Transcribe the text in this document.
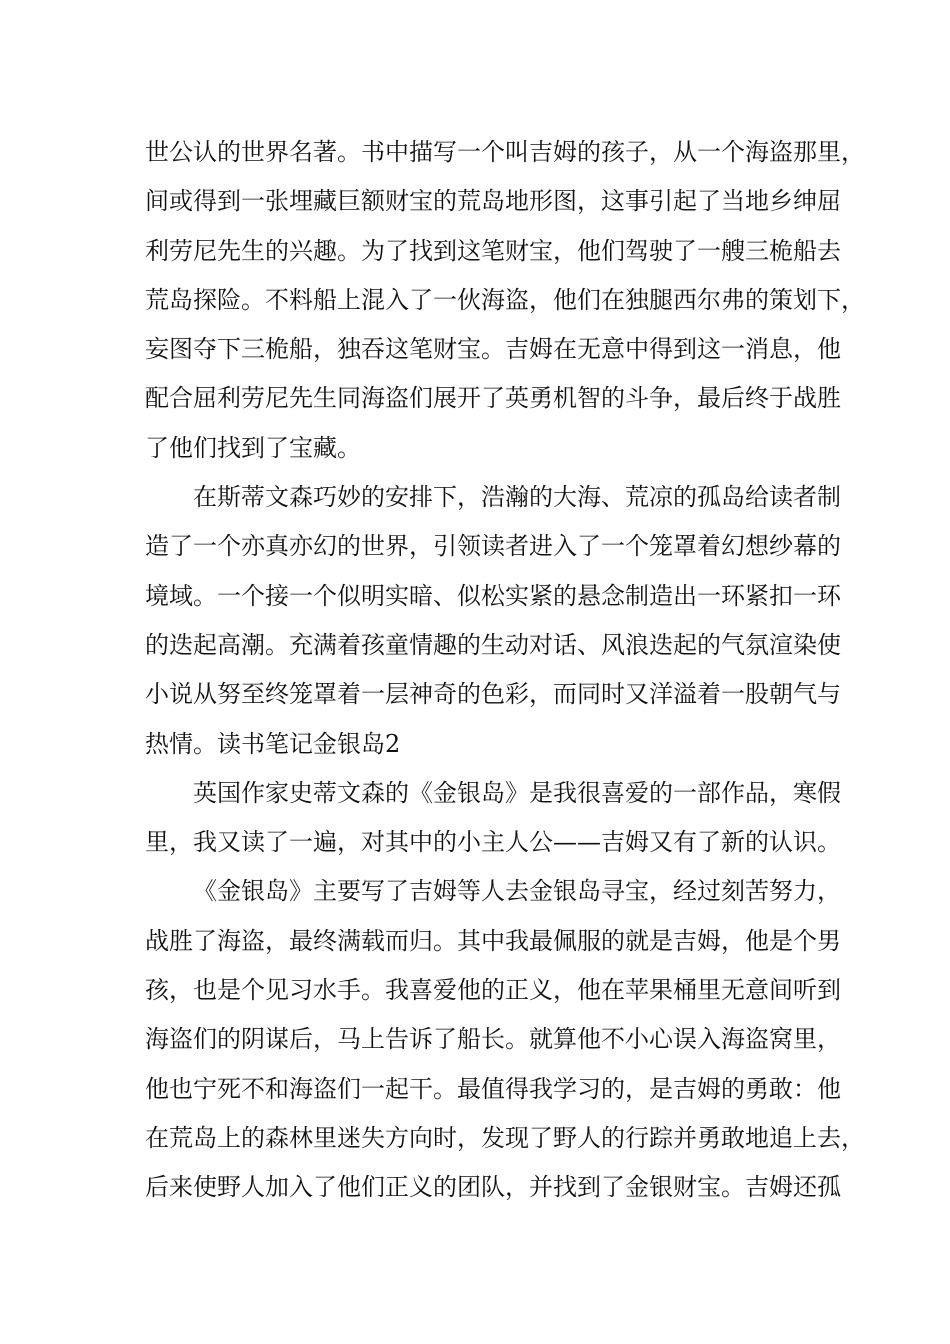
世公认的世界名著。书中描写一个叫吉姆的孩子，从一个海盗那里，
间或得到一张埋藏巨额财宝的荒岛地形图，这事引起了当地乡绅屈
利劳尼先生的兴趣。为了找到这笔财宝，他们驾驶了一艘三桅船去
荒岛探险。不料船上混入了一伙海盗，他们在独腿西尔弗的策划下，
妄图夺下三桅船，独吞这笔财宝。吉姆在无意中得到这一消息，他
配合屈利劳尼先生同海盗们展开了英勇机智的斗争，最后终于战胜
了他们找到了宝藏。
在斯蒂文森巧妙的安排下，浩瀚的大海、荒凉的孤岛给读者制
造了一个亦真亦幻的世界，引领读者进入了一个笼罩着幻想纱幕的
境域。一个接一个似明实暗、似松实紧的悬念制造出一环紧扣一环
的迭起高潮。充满着孩童情趣的生动对话、风浪迭起的气氛渲染使
小说从努至终笼罩着一层神奇的色彩，而同时又洋溢着一股朝气与
热情。读书笔记金银岛2
英国作家史蒂文森的《金银岛》是我很喜爱的一部作品，寒假
里，我又读了一遍，对其中的小主人公——吉姆又有了新的认识。
《金银岛》主要写了吉姆等人去金银岛寻宝，经过刻苦努力，
战胜了海盗，最终满载而归。其中我最佩服的就是吉姆，他是个男
孩，也是个见习水手。我喜爱他的正义，他在苹果桶里无意间听到
海盗们的阴谋后，马上告诉了船长。就算他不小心误入海盗窝里，
他也宁死不和海盗们一起干。最值得我学习的，是吉姆的勇敢：他
在荒岛上的森林里迷失方向时，发现了野人的行踪并勇敢地追上去，
后来使野人加入了他们正义的团队，并找到了金银财宝。吉姆还孤
